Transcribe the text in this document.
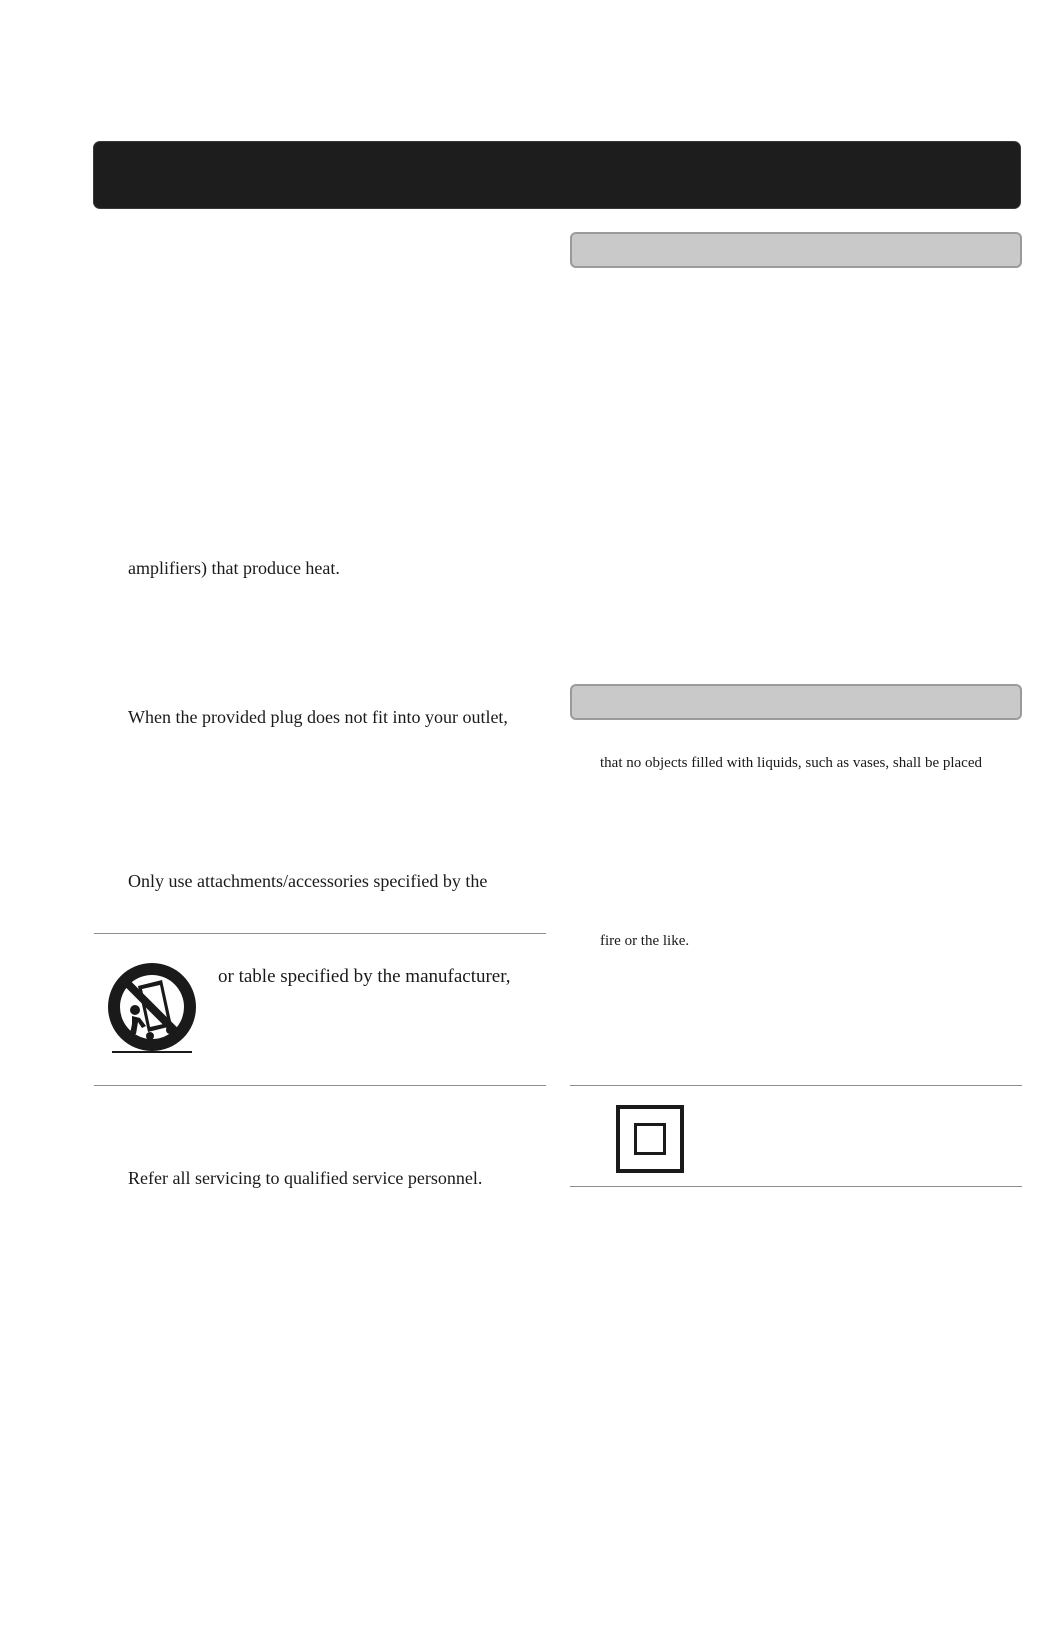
amplifiers) that produce heat.
When the provided plug does not fit into your outlet,
Only use attachments/accessories specified by the
or table specified by the manufacturer,
Refer all servicing to qualified service personnel.
that no objects filled with liquids, such as vases, shall be placed
fire or the like.
